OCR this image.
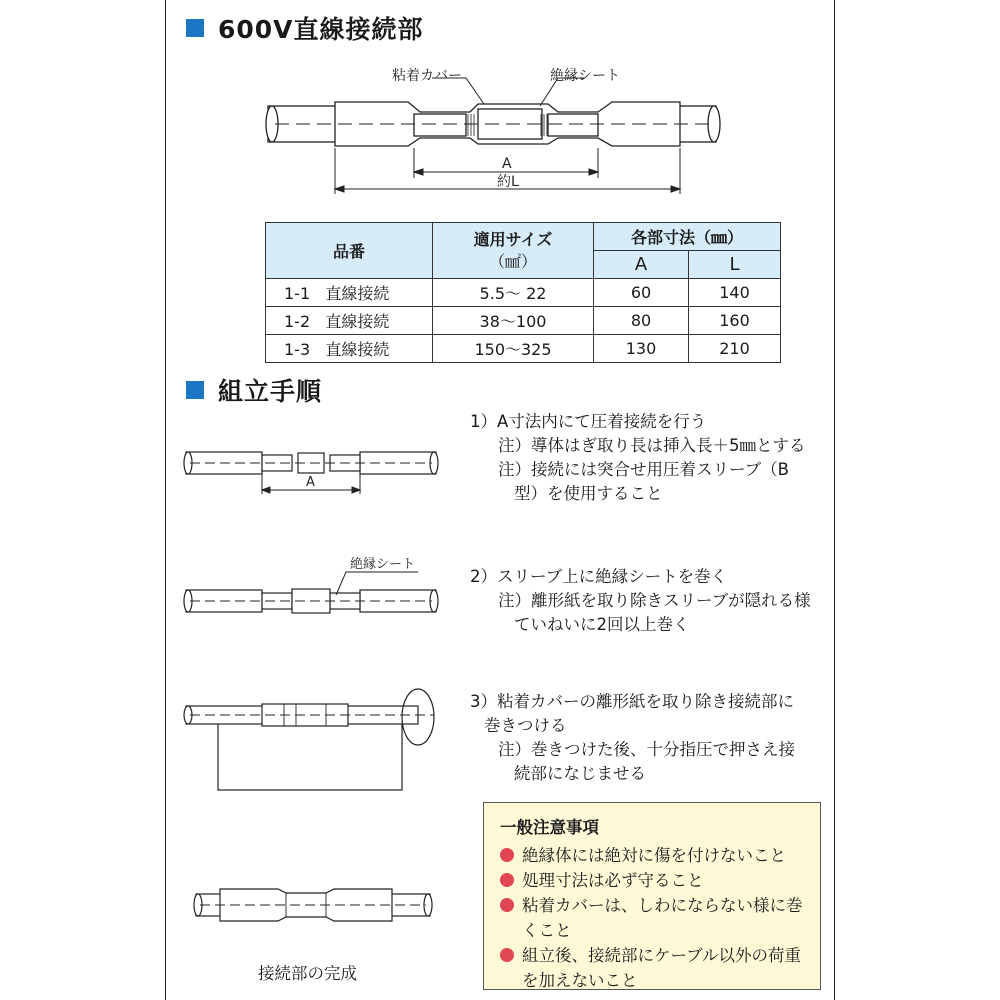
600V直線接続部
粘着カバー	絶縁シート
A
約L
品番	適用サイズ
（㎟）	各部寸法（㎜）	
		A	L
1-1 直線接続	5.5～ 22	60	140
1-2 直線接続	38～100	80	160
1-3 直線接続	150～325	130	210
組立手順
A
絶縁シート
1）A寸法内にて圧着接続を行う
注）導体はぎ取り長は挿入長＋5㎜とする
注）接続には突合せ用圧着スリーブ（B
型）を使用すること
2）スリーブ上に絶縁シートを巻く
注）離形紙を取り除きスリーブが隠れる様
ていねいに2回以上巻く
3）粘着カバーの離形紙を取り除き接続部に
巻きつける
注）巻きつけた後、十分指圧で押さえ接
続部になじませる
一般注意事項
絶縁体には絶対に傷を付けないこと
処理寸法は必ず守ること
粘着カバーは、しわにならない様に巻くこと
組立後、接続部にケーブル以外の荷重を加えないこと
接続部の完成
